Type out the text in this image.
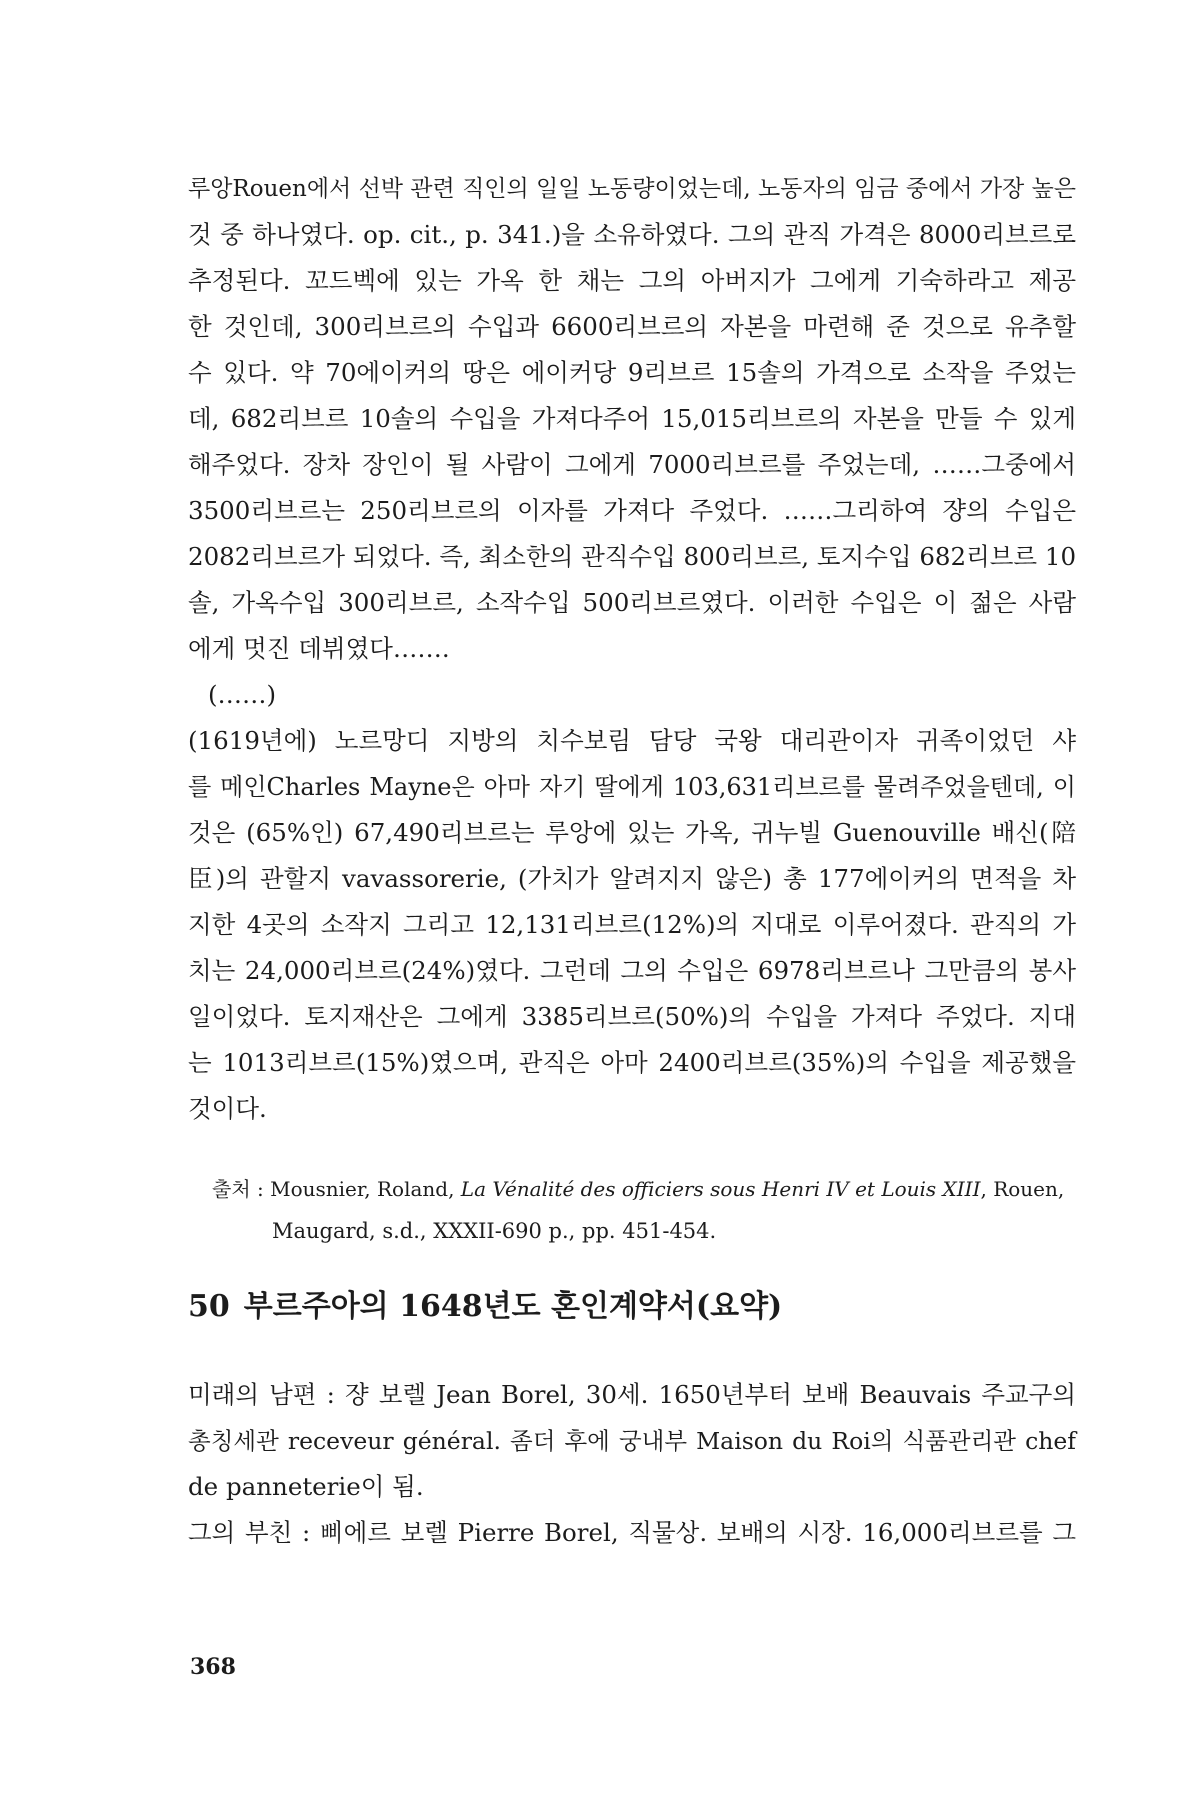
루앙Rouen에서 선박 관련 직인의 일일 노동량이었는데, 노동자의 임금 중에서 가장 높은
것 중 하나였다. op. cit., p. 341.)을 소유하였다. 그의 관직 가격은 8000리브르로
추정된다. 꼬드벡에 있는 가옥 한 채는 그의 아버지가 그에게 기숙하라고 제공
한 것인데, 300리브르의 수입과 6600리브르의 자본을 마련해 준 것으로 유추할
수 있다. 약 70에이커의 땅은 에이커당 9리브르 15솔의 가격으로 소작을 주었는
데, 682리브르 10솔의 수입을 가져다주어 15,015리브르의 자본을 만들 수 있게
해주었다. 장차 장인이 될 사람이 그에게 7000리브르를 주었는데, ……그중에서
3500리브르는 250리브르의 이자를 가져다 주었다. ……그리하여 쟝의 수입은
2082리브르가 되었다. 즉, 최소한의 관직수입 800리브르, 토지수입 682리브르 10
솔, 가옥수입 300리브르, 소작수입 500리브르였다. 이러한 수입은 이 젊은 사람
에게 멋진 데뷔였다…….
(……)
(1619년에) 노르망디 지방의 치수보림 담당 국왕 대리관이자 귀족이었던 샤
를 메인Charles Mayne은 아마 자기 딸에게 103,631리브르를 물려주었을텐데, 이
것은 (65%인) 67,490리브르는 루앙에 있는 가옥, 귀누빌 Guenouville 배신(陪
臣)의 관할지 vavassorerie, (가치가 알려지지 않은) 총 177에이커의 면적을 차
지한 4곳의 소작지 그리고 12,131리브르(12%)의 지대로 이루어졌다. 관직의 가
치는 24,000리브르(24%)였다. 그런데 그의 수입은 6978리브르나 그만큼의 봉사
일이었다. 토지재산은 그에게 3385리브르(50%)의 수입을 가져다 주었다. 지대
는 1013리브르(15%)였으며, 관직은 아마 2400리브르(35%)의 수입을 제공했을
것이다.
출처 : Mousnier, Roland, La Vénalité des officiers sous Henri IV et Louis XIII, Rouen,
Maugard, s.d., XXXII-690 p., pp. 451-454.
50 부르주아의 1648년도 혼인계약서(요약)
미래의 남편 : 쟝 보렐 Jean Borel, 30세. 1650년부터 보배 Beauvais 주교구의
총칭세관 receveur général. 좀더 후에 궁내부 Maison du Roi의 식품관리관 chef
de panneterie이 됨.
그의 부친 : 삐에르 보렐 Pierre Borel, 직물상. 보배의 시장. 16,000리브르를 그
368
